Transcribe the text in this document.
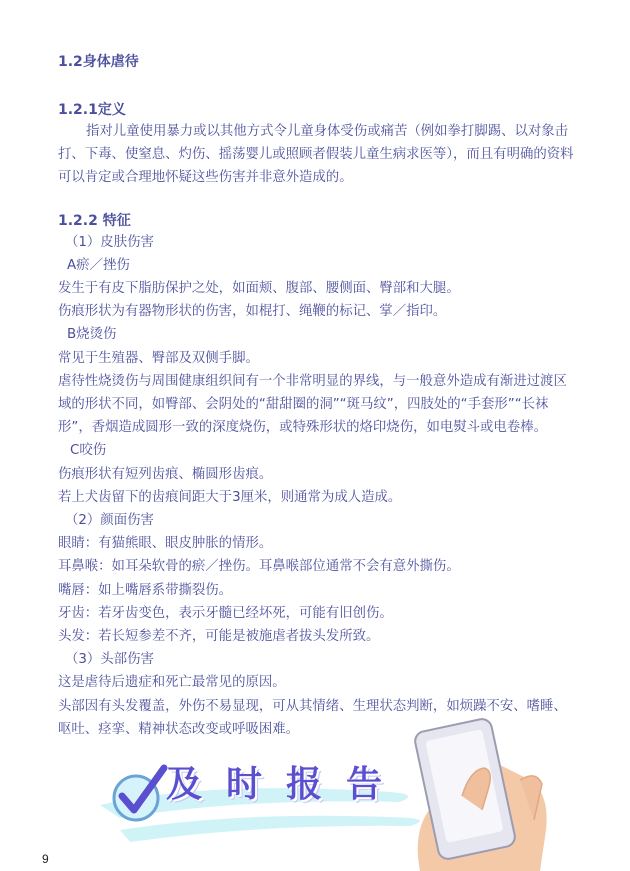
1.2身体虐待
1.2.1定义

指对儿童使用暴力或以其他方式令儿童身体受伤或痛苦（例如拳打脚踢、以对象击打、下毒、使窒息、灼伤、摇荡婴儿或照顾者假装儿童生病求医等），而且有明确的资料可以肯定或合理地怀疑这些伤害并非意外造成的。

1.2.2 特征

（1）皮肤伤害

A瘀／挫伤

发生于有皮下脂肪保护之处，如面颊、腹部、腰侧面、臀部和大腿。

伤痕形状为有器物形状的伤害，如棍打、绳鞭的标记、掌／指印。

B烧烫伤

常见于生殖器、臀部及双侧手脚。

虐待性烧烫伤与周围健康组织间有一个非常明显的界线，与一般意外造成有渐进过渡区域的形状不同，如臀部、会阴处的“甜甜圈的洞”“斑马纹”，四肢处的“手套形”“长袜形”，香烟造成圆形一致的深度烧伤，或特殊形状的烙印烧伤，如电熨斗或电卷棒。

C咬伤

伤痕形状有短列齿痕、椭圆形齿痕。

若上犬齿留下的齿痕间距大于3厘米，则通常为成人造成。

（2）颜面伤害

眼睛：有猫熊眼、眼皮肿胀的情形。

耳鼻喉：如耳朵软骨的瘀／挫伤。耳鼻喉部位通常不会有意外撕伤。

嘴唇：如上嘴唇系带撕裂伤。

牙齿：若牙齿变色，表示牙髓已经坏死，可能有旧创伤。

头发：若长短参差不齐，可能是被施虐者拔头发所致。

（3）头部伤害

这是虐待后遗症和死亡最常见的原因。

头部因有头发覆盖，外伤不易显现，可从其情绪、生理状态判断，如烦躁不安、嗜睡、呕吐、痉挛、精神状态改变或呼吸困难。

及时报告
9
